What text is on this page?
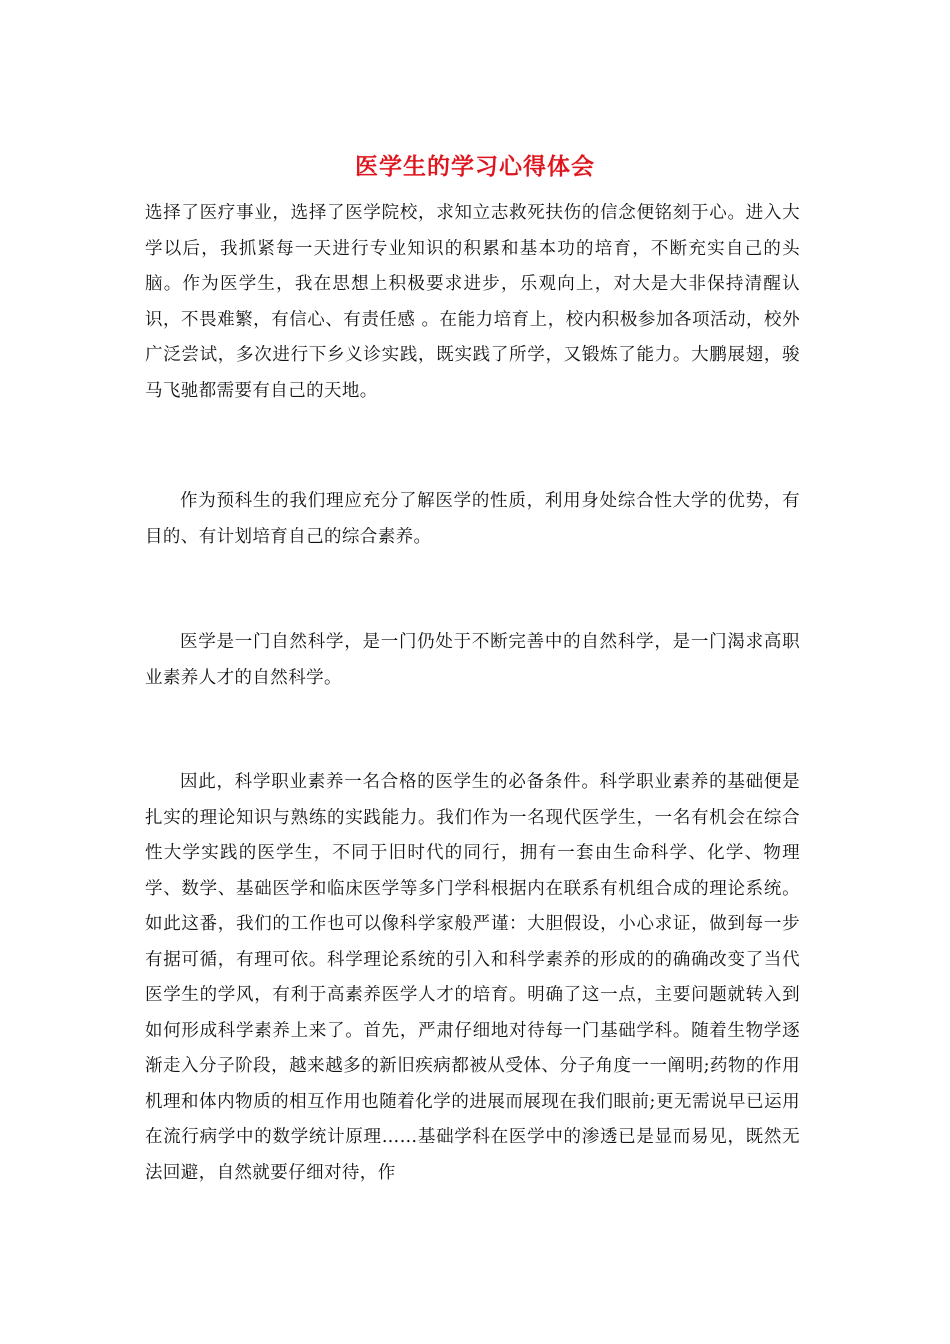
医学生的学习心得体会

选择了医疗事业，选择了医学院校，求知立志救死扶伤的信念便铭刻于心。进入大学以后，我抓紧每一天进行专业知识的积累和基本功的培育，不断充实自己的头脑。作为医学生，我在思想上积极要求进步，乐观向上，对大是大非保持清醒认识，不畏难繁，有信心、有责任感 。在能力培育上，校内积极参加各项活动，校外广泛尝试，多次进行下乡义诊实践，既实践了所学，又锻炼了能力。大鹏展翅，骏马飞驰都需要有自己的天地。

作为预科生的我们理应充分了解医学的性质，利用身处综合性大学的优势，有目的、有计划培育自己的综合素养。

医学是一门自然科学，是一门仍处于不断完善中的自然科学，是一门渴求高职业素养人才的自然科学。

因此，科学职业素养一名合格的医学生的必备条件。科学职业素养的基础便是扎实的理论知识与熟练的实践能力。我们作为一名现代医学生，一名有机会在综合性大学实践的医学生，不同于旧时代的同行，拥有一套由生命科学、化学、物理学、数学、基础医学和临床医学等多门学科根据内在联系有机组合成的理论系统。如此这番，我们的工作也可以像科学家般严谨：大胆假设，小心求证，做到每一步有据可循，有理可依。科学理论系统的引入和科学素养的形成的的确确改变了当代医学生的学风，有利于高素养医学人才的培育。明确了这一点，主要问题就转入到如何形成科学素养上来了。首先，严肃仔细地对待每一门基础学科。随着生物学逐渐走入分子阶段，越来越多的新旧疾病都被从受体、分子角度一一阐明;药物的作用机理和体内物质的相互作用也随着化学的进展而展现在我们眼前;更无需说早已运用在流行病学中的数学统计原理……基础学科在医学中的渗透已是显而易见，既然无法回避，自然就要仔细对待，作
